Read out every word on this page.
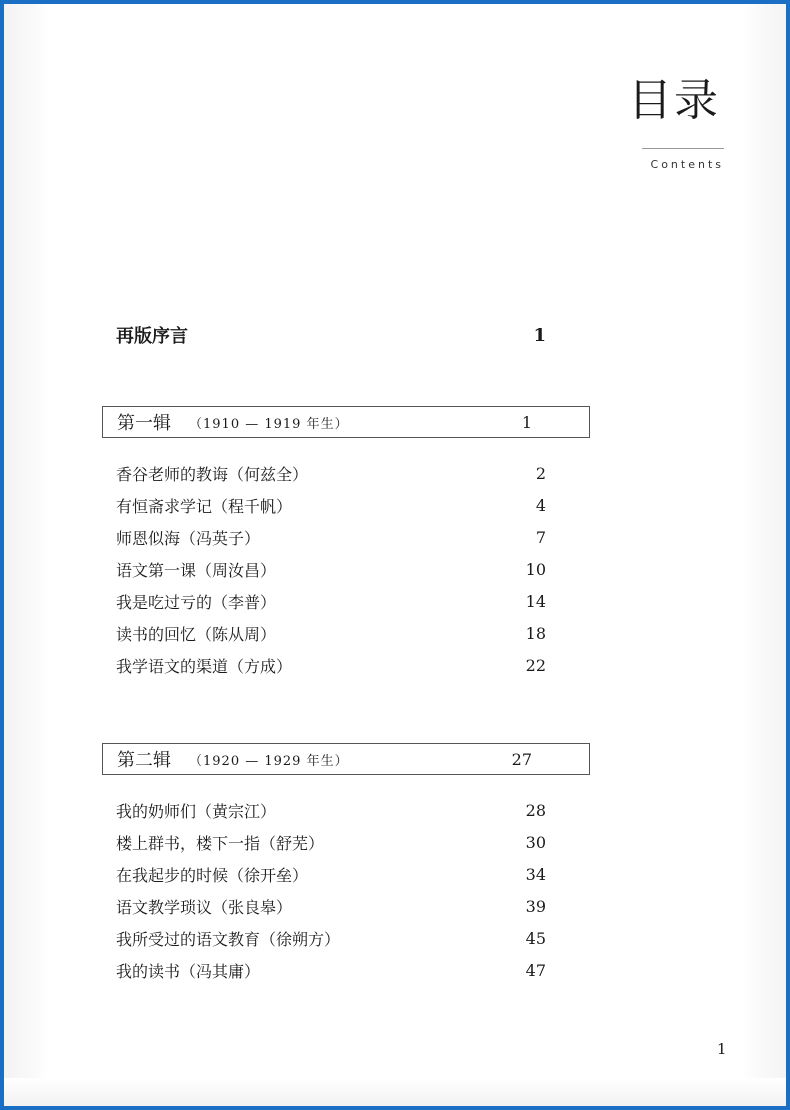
目录
Contents
再版序言	1
第一辑 （1910 — 1919 年生）	1
香谷老师的教诲（何兹全）	2
有恒斋求学记（程千帆）	4
师恩似海（冯英子）	7
语文第一课（周汝昌）	10
我是吃过亏的（李普）	14
读书的回忆（陈从周）	18
我学语文的渠道（方成）	22
第二辑 （1920 — 1929 年生）	27
我的奶师们（黄宗江）	28
楼上群书，楼下一指（舒芜）	30
在我起步的时候（徐开垒）	34
语文教学琐议（张良皋）	39
我所受过的语文教育（徐朔方）	45
我的读书（冯其庸）	47
1
